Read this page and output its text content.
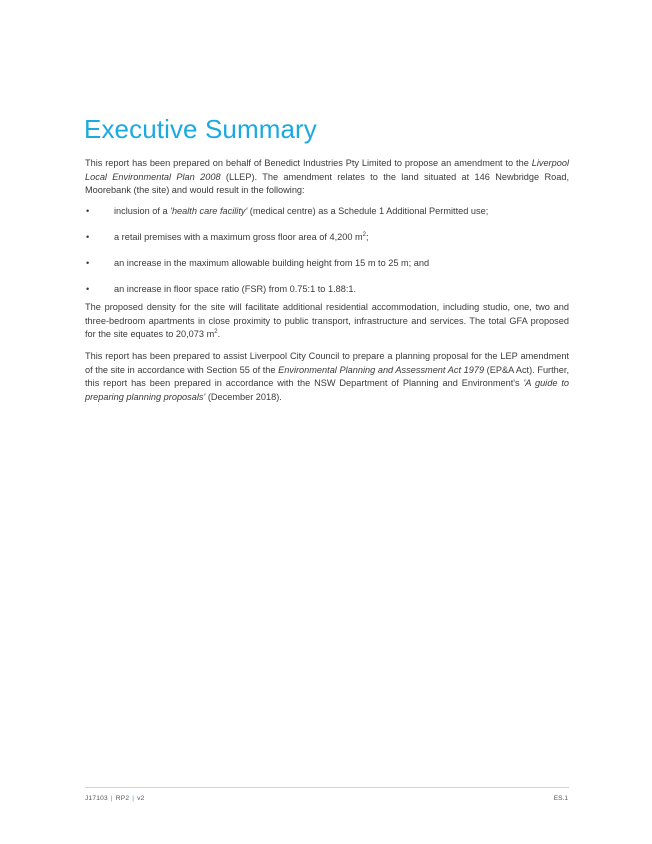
Executive Summary

This report has been prepared on behalf of Benedict Industries Pty Limited to propose an amendment to the Liverpool Local Environmental Plan 2008 (LLEP). The amendment relates to the land situated at 146 Newbridge Road, Moorebank (the site) and would result in the following:

•	inclusion of a 'health care facility' (medical centre) as a Schedule 1 Additional Permitted use;
•	a retail premises with a maximum gross floor area of 4,200 $m^2$;
•	an increase in the maximum allowable building height from 15 m to 25 m; and
•	an increase in floor space ratio (FSR) from 0.75:1 to 1.88:1.

The proposed density for the site will facilitate additional residential accommodation, including studio, one, two and three-bedroom apartments in close proximity to public transport, infrastructure and services. The total GFA proposed for the site equates to 20,073 $m^2$.

This report has been prepared to assist Liverpool City Council to prepare a planning proposal for the LEP amendment of the site in accordance with Section 55 of the Environmental Planning and Assessment Act 1979 (EP&A Act). Further, this report has been prepared in accordance with the NSW Department of Planning and Environment's 'A guide to preparing planning proposals' (December 2018).

J17103 | RP2 | v2	ES.1
